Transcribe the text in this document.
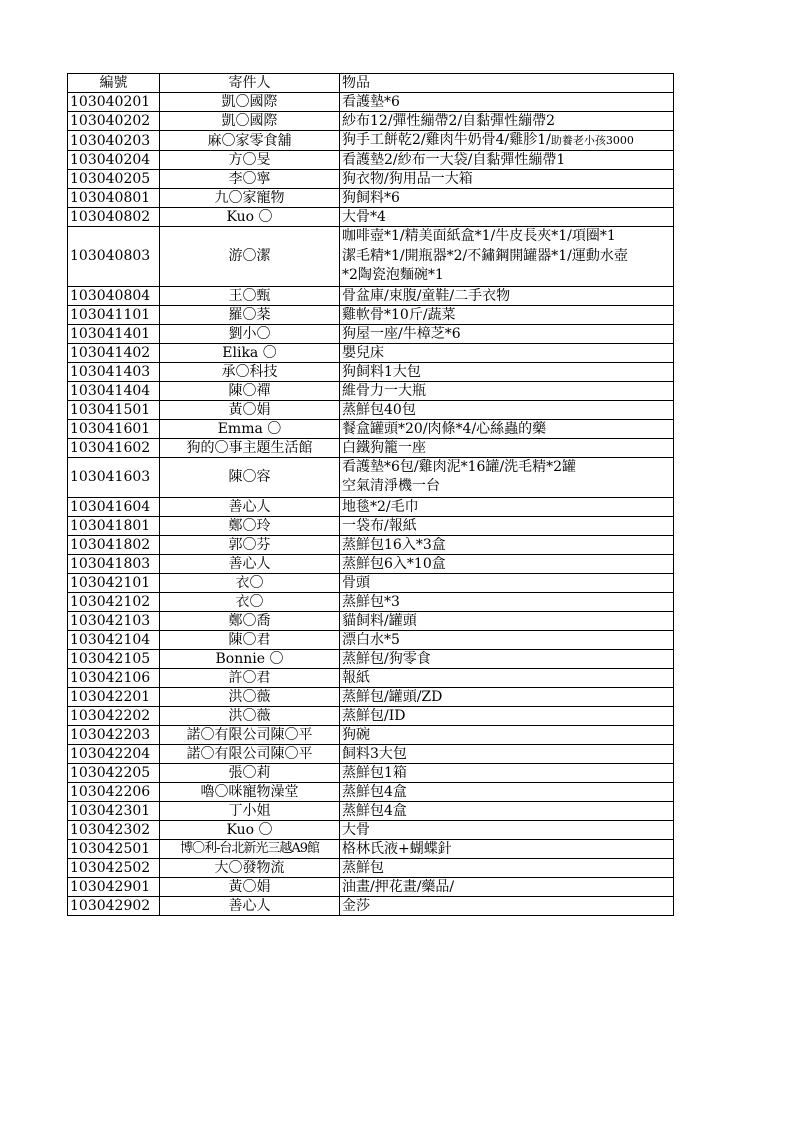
編號	寄件人	物品
103040201	凱〇國際	看護墊*6
103040202	凱〇國際	紗布12/彈性繃帶2/自黏彈性繃帶2
103040203	麻〇家零食舖	狗手工餅乾2/雞肉牛奶骨4/雞胗1/助養老小孩3000
103040204	方〇旻	看護墊2/紗布一大袋/自黏彈性繃帶1
103040205	李〇寧	狗衣物/狗用品一大箱
103040801	九〇家寵物	狗飼料*6
103040802	Kuo 〇	大骨*4
103040803	游〇潔	咖啡壺*1/精美面紙盒*1/牛皮長夾*1/項圈*1
潔毛精*1/開瓶器*2/不鏽鋼開罐器*1/運動水壺
*2陶瓷泡麵碗*1
103040804	王〇甄	骨盆庫/束腹/童鞋/二手衣物
103041101	羅〇棻	雞軟骨*10斤/蔬菜
103041401	劉小〇	狗屋一座/牛樟芝*6
103041402	Elika 〇	嬰兒床
103041403	承〇科技	狗飼料1大包
103041404	陳〇禪	維骨力一大瓶
103041501	黃〇娟	蒸鮮包40包
103041601	Emma 〇	餐盒罐頭*20/肉條*4/心絲蟲的藥
103041602	狗的〇事主題生活館	白鐵狗籠一座
103041603	陳〇容	看護墊*6包/雞肉泥*16罐/洗毛精*2罐
空氣清淨機一台
103041604	善心人	地毯*2/毛巾
103041801	鄭〇玲	一袋布/報紙
103041802	郭〇芬	蒸鮮包16入*3盒
103041803	善心人	蒸鮮包6入*10盒
103042101	衣〇	骨頭
103042102	衣〇	蒸鮮包*3
103042103	鄭〇喬	貓飼料/罐頭
103042104	陳〇君	漂白水*5
103042105	Bonnie 〇	蒸鮮包/狗零食
103042106	許〇君	報紙
103042201	洪〇薇	蒸鮮包/罐頭/ZD
103042202	洪〇薇	蒸鮮包/ID
103042203	諾〇有限公司陳〇平	狗碗
103042204	諾〇有限公司陳〇平	飼料3大包
103042205	張〇莉	蒸鮮包1箱
103042206	嚕〇咪寵物澡堂	蒸鮮包4盒
103042301	丁小姐	蒸鮮包4盒
103042302	Kuo 〇	大骨
103042501	博〇利-台北新光三越A9館	格林氏液+蝴蝶針
103042502	大〇發物流	蒸鮮包
103042901	黃〇娟	油畫/押花畫/藥品/
103042902	善心人	金莎
